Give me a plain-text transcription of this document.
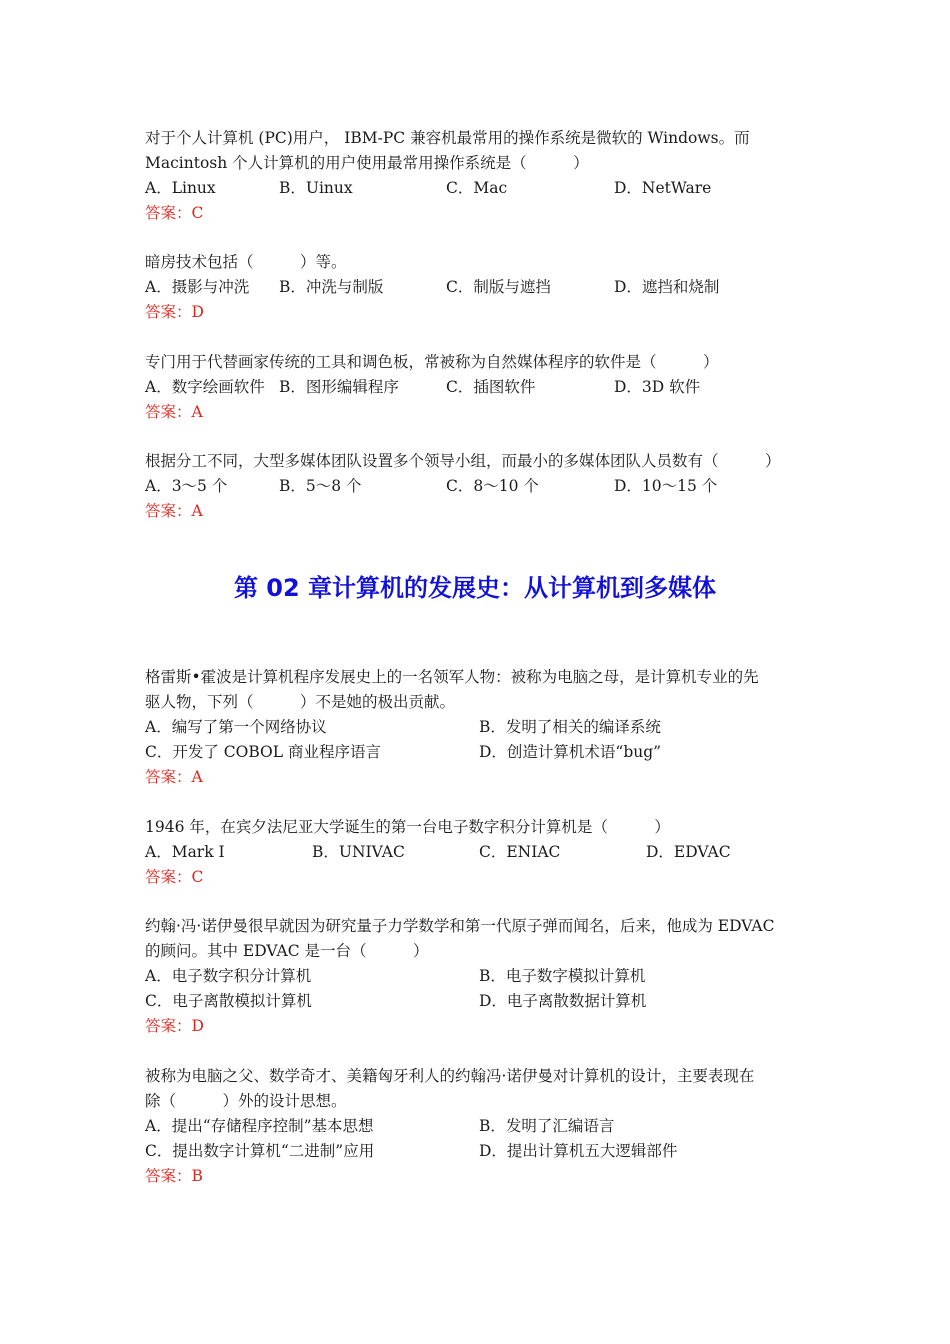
对于个人计算机 (PC)用户， IBM-PC 兼容机最常用的操作系统是微软的 Windows。而
Macintosh 个人计算机的用户使用最常用操作系统是（　　　）
A．Linux	B．Uinux	C．Mac	D．NetWare
答案：C
暗房技术包括（　　　）等。
A．摄影与冲洗	B．冲洗与制版	C．制版与遮挡	D．遮挡和烧制
答案：D
专门用于代替画家传统的工具和调色板，常被称为自然媒体程序的软件是（　　　）
A．数字绘画软件 B．图形编辑程序	C．插图软件	D．3D 软件
答案：A
根据分工不同，大型多媒体团队设置多个领导小组，而最小的多媒体团队人员数有（　　　）
A．3～5 个	B．5～8 个	C．8～10 个	D．10～15 个
答案：A
第 02 章计算机的发展史：从计算机到多媒体
格雷斯•霍波是计算机程序发展史上的一名领军人物：被称为电脑之母，是计算机专业的先
驱人物，下列（　　　）不是她的极出贡献。
A．编写了第一个网络协议	B．发明了相关的编译系统
C．开发了 COBOL 商业程序语言	D．创造计算机术语“bug”
答案：A
1946 年，在宾夕法尼亚大学诞生的第一台电子数字积分计算机是（　　　）
A．Mark I	B．UNIVAC	C．ENIAC	D．EDVAC
答案：C
约翰·冯·诺伊曼很早就因为研究量子力学数学和第一代原子弹而闻名，后来，他成为 EDVAC
的顾问。其中 EDVAC 是一台（　　　）
A．电子数字积分计算机	B．电子数字模拟计算机
C．电子离散模拟计算机	D．电子离散数据计算机
答案：D
被称为电脑之父、数学奇才、美籍匈牙利人的约翰冯·诺伊曼对计算机的设计，主要表现在
除（　　　）外的设计思想。
A．提出“存储程序控制”基本思想	B．发明了汇编语言
C．提出数字计算机“二进制”应用	D．提出计算机五大逻辑部件
答案：B
